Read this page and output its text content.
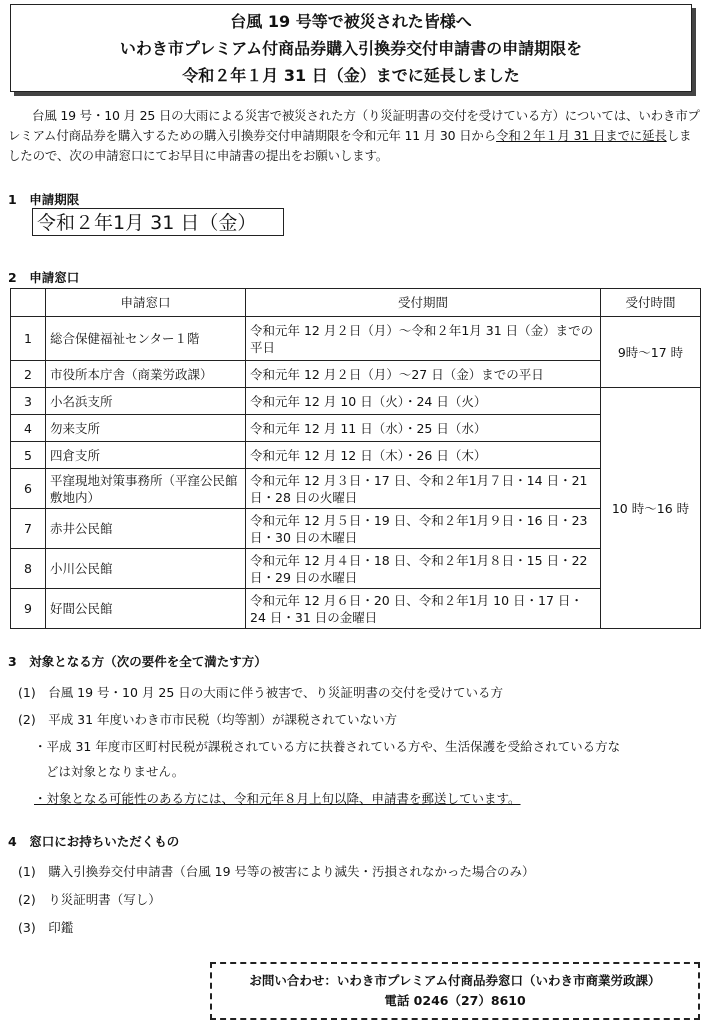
台風 19 号等で被災された皆様へ
いわき市プレミアム付商品券購入引換券交付申請書の申請期限を
令和２年１月 31 日（金）までに延長しました
台風 19 号・10 月 25 日の大雨による災害で被災された方（り災証明書の交付を受けている方）については、いわき市プレミアム付商品券を購入するための購入引換券交付申請期限を令和元年 11 月 30 日から令和２年１月 31 日までに延長しましたので、次の申請窓口にてお早目に申請書の提出をお願いします。
1　申請期限
令和２年1月 31 日（金）
2　申請窓口
	申請窓口	受付期間	受付時間
1	総合保健福祉センター１階	令和元年 12 月２日（月）～令和２年1月 31 日（金）までの平日	9時～17 時
2	市役所本庁舎（商業労政課）	令和元年 12 月２日（月）～27 日（金）までの平日	
3	小名浜支所	令和元年 12 月 10 日（火）・24 日（火）	10 時～16 時
4	勿来支所	令和元年 12 月 11 日（水）・25 日（水）	
5	四倉支所	令和元年 12 月 12 日（木）・26 日（木）	
6	平窪現地対策事務所（平窪公民館敷地内）	令和元年 12 月３日・17 日、令和２年1月７日・14 日・21 日・28 日の火曜日	
7	赤井公民館	令和元年 12 月５日・19 日、令和２年1月９日・16 日・23 日・30 日の木曜日	
8	小川公民館	令和元年 12 月４日・18 日、令和２年1月８日・15 日・22 日・29 日の水曜日	
9	好間公民館	令和元年 12 月６日・20 日、令和２年1月 10 日・17 日・24 日・31 日の金曜日	
3　対象となる方（次の要件を全て満たす方）
(1)　台風 19 号・10 月 25 日の大雨に伴う被害で、り災証明書の交付を受けている方
(2)　平成 31 年度いわき市市民税（均等割）が課税されていない方
・平成 31 年度市区町村民税が課税されている方に扶養されている方や、生活保護を受給されている方な
どは対象となりません。
・対象となる可能性のある方には、令和元年８月上旬以降、申請書を郵送しています。
4　窓口にお持ちいただくもの
(1)　購入引換券交付申請書（台風 19 号等の被害により滅失・汚損されなかった場合のみ）
(2)　り災証明書（写し）
(3)　印鑑
お問い合わせ：いわき市プレミアム付商品券窓口（いわき市商業労政課）
電話 0246（27）8610
